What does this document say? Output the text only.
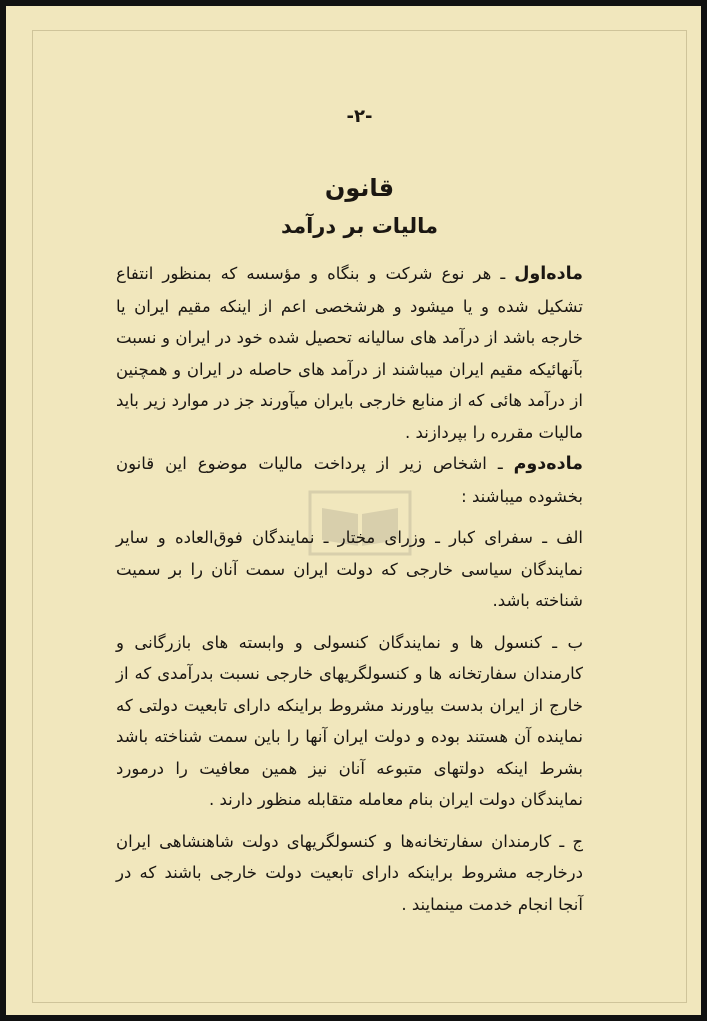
-۲-
قانون
مالیات بر درآمد

ماده‌اول ـ هر نوع شرکت و بنگاه و مؤسسه که بمنظور انتفاع تشکیل شده و یا میشود و هرشخصی اعم از اینکه مقیم ایران یا خارجه باشد از درآمد های سالیانه تحصیل شده خود در ایران و نسبت بآنهائیکه مقیم ایران میباشند از درآمد های حاصله در ایران و همچنین از درآمد هائی که از منابع خارجی بایران میآورند جز در موارد زیر باید مالیات مقرره را بپردازند .

ماده‌دوم ـ اشخاص زیر از پرداخت مالیات موضوع این قانون بخشوده میباشند :

الف ـ سفرای کبار ـ وزرای مختار ـ نمایندگان فوق‌العاده و سایر نمایندگان سیاسی خارجی که دولت ایران سمت آنان را بر سمیت شناخته باشد.

ب ـ کنسول ها و نمایندگان کنسولی و وابسته های بازرگانی و کارمندان سفارتخانه ها و کنسولگریهای خارجی نسبت بدرآمدی که از خارج از ایران بدست بیاورند مشروط براینکه دارای تابعیت دولتی که نماینده آن هستند بوده و دولت ایران آنها را باین سمت شناخته باشد بشرط اینکه دولتهای متبوعه آنان نیز همین معافیت را درمورد نمایندگان دولت ایران بنام معامله متقابله منظور دارند .

ج ـ کارمندان سفارتخانه‌ها و کنسولگریهای دولت شاهنشاهی ایران درخارجه مشروط براینکه دارای تابعیت دولت خارجی باشند که در آنجا انجام خدمت مینمایند .
